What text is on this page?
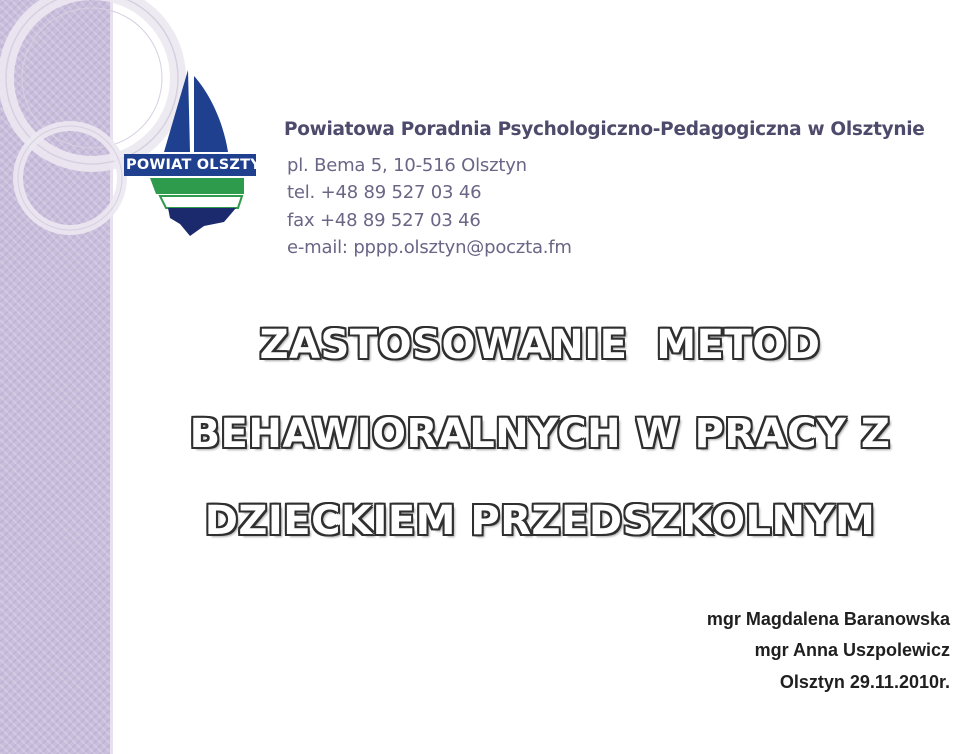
POWIAT OLSZTYŃSKI
Powiatowa Poradnia Psychologiczno-Pedagogiczna w Olsztynie
pl. Bema 5, 10-516 Olsztyn
tel. +48 89 527 03 46
fax +48 89 527 03 46
e-mail: pppp.olsztyn@poczta.fm
ZASTOSOWANIE  METOD
BEHAWIORALNYCH W PRACY Z
DZIECKIEM PRZEDSZKOLNYM
mgr Magdalena Baranowska
mgr Anna Uszpolewicz
Olsztyn 29.11.2010r.
